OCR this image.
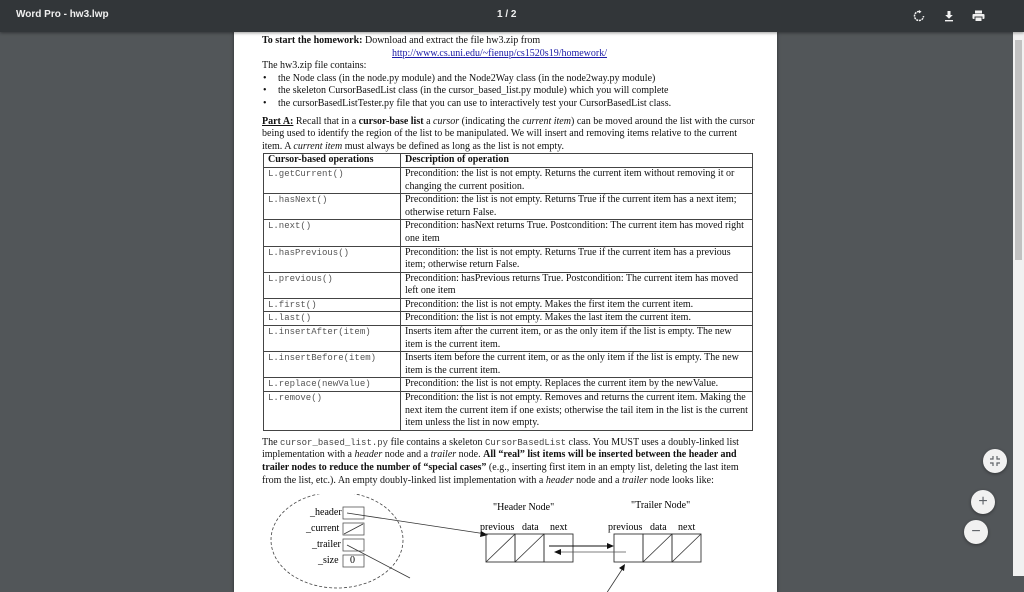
Word Pro - hw3.lwp	1 / 2

To start the homework: Download and extract the file hw3.zip from

http://www.cs.uni.edu/~fienup/cs1520s19/homework/

The hw3.zip file contains:

• the Node class (in the node.py module) and the Node2Way class (in the node2way.py module)
• the skeleton CursorBasedList class (in the cursor_based_list.py module) which you will complete
• the cursorBasedListTester.py file that you can use to interactively test your CursorBasedList class.

Part A: Recall that in a cursor-base list a cursor (indicating the current item) can be moved around the list with the cursor being used to identify the region of the list to be manipulated. We will insert and removing items relative to the current item. A current item must always be defined as long as the list is not empty.

Cursor-based operations	Description of operation
L.getCurrent()	Precondition: the list is not empty. Returns the current item without removing it or changing the current position.
L.hasNext()	Precondition: the list is not empty. Returns True if the current item has a next item; otherwise return False.
L.next()	Precondition: hasNext returns True. Postcondition: The current item has moved right one item
L.hasPrevious()	Precondition: the list is not empty. Returns True if the current item has a previous item; otherwise return False.
L.previous()	Precondition: hasPrevious returns True. Postcondition: The current item has moved left one item
L.first()	Precondition: the list is not empty. Makes the first item the current item.
L.last()	Precondition: the list is not empty. Makes the last item the current item.
L.insertAfter(item)	Inserts item after the current item, or as the only item if the list is empty. The new item is the current item.
L.insertBefore(item)	Inserts item before the current item, or as the only item if the list is empty. The new item is the current item.
L.replace(newValue)	Precondition: the list is not empty. Replaces the current item by the newValue.
L.remove()	Precondition: the list is not empty. Removes and returns the current item. Making the next item the current item if one exists; otherwise the tail item in the list is the current item unless the list in now empty.

The cursor_based_list.py file contains a skeleton CursorBasedList class. You MUST uses a doubly-linked list implementation with a header node and a trailer node. All “real” list items will be inserted between the header and trailer nodes to reduce the number of “special cases” (e.g., inserting first item in an empty list, deleting the last item from the list, etc.). An empty doubly-linked list implementation with a header node and a trailer node looks like:

_header
_current
_trailer
_size 0
"Header Node"	"Trailer Node"
previous data next	previous data next
+
−
